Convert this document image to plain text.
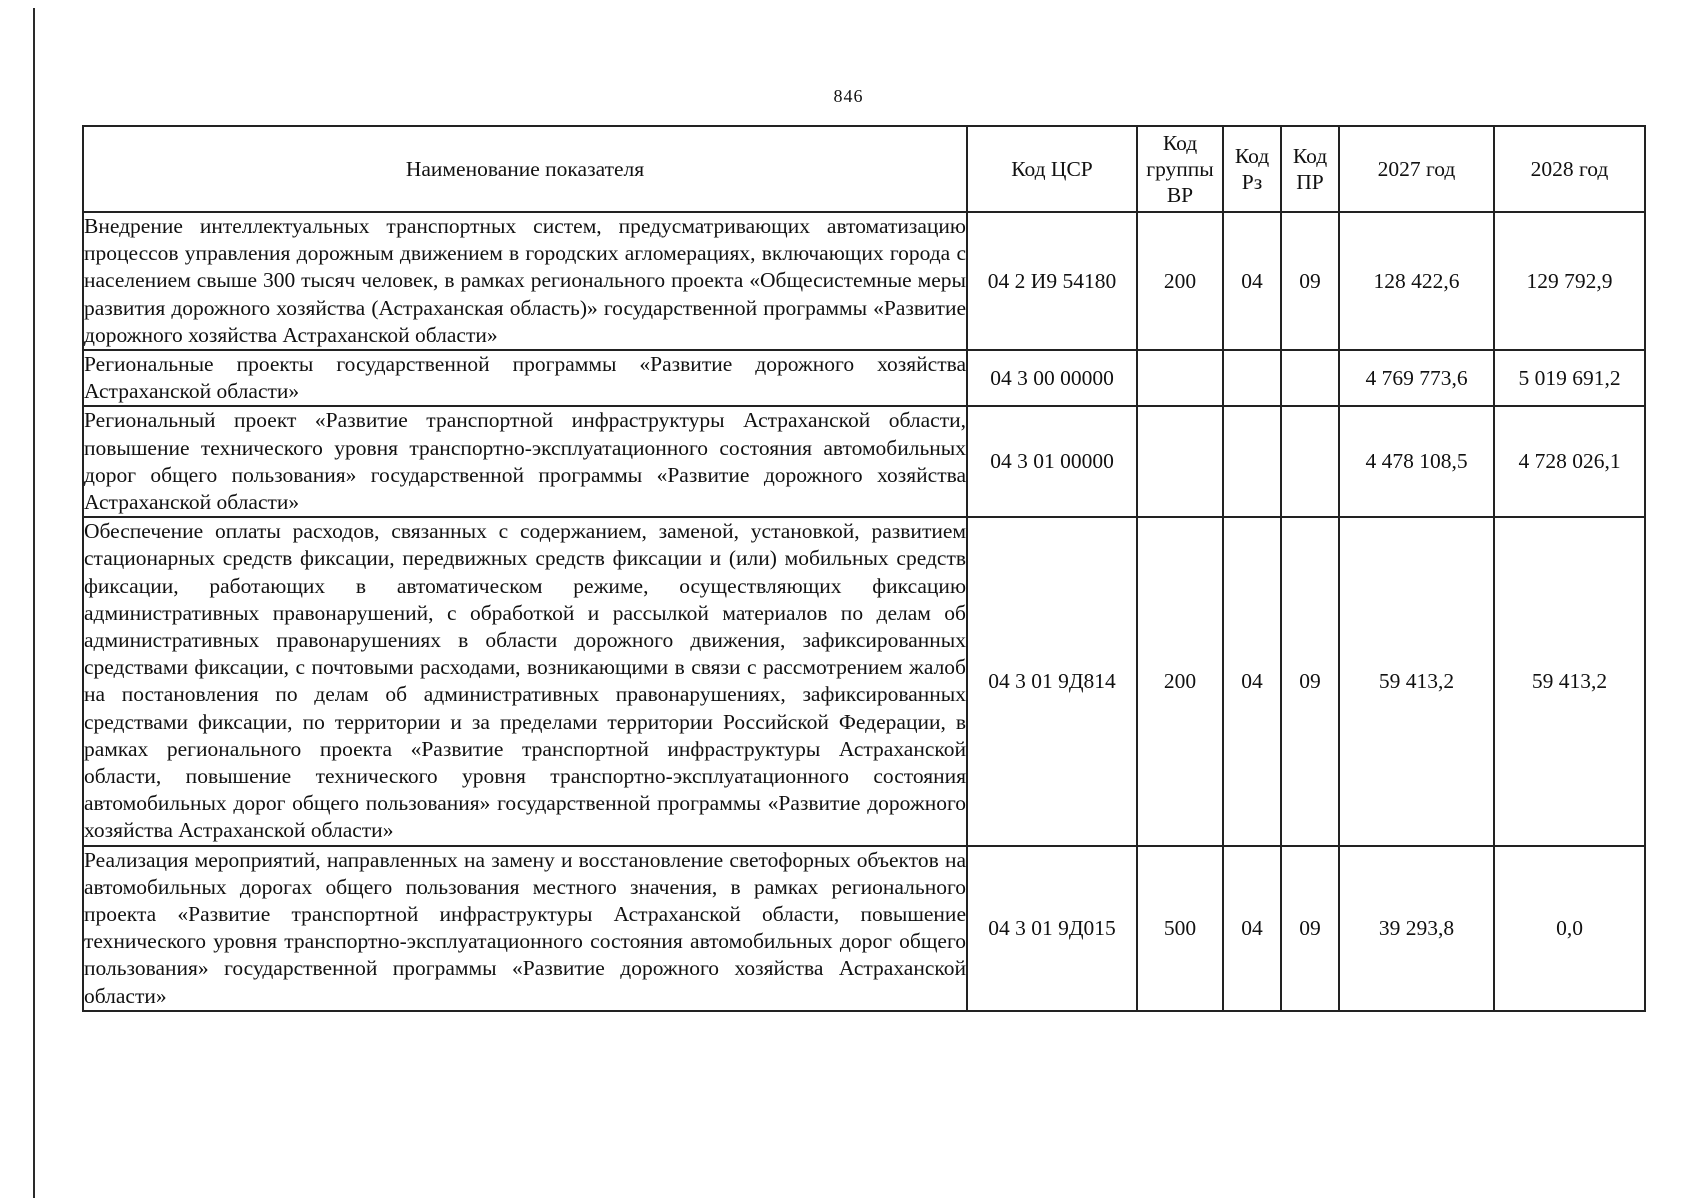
846
Наименование показателя	Код ЦСР	Код группы ВР	Код Рз	Код ПР	2027 год	2028 год
Внедрение интеллектуальных транспортных систем, предусматривающих автоматизацию процессов управления дорожным движением в городских агломерациях, включающих города с населением свыше 300 тысяч человек, в рамках регионального проекта «Общесистемные меры развития дорожного хозяйства (Астраханская область)» государственной программы «Развитие дорожного хозяйства Астраханской области»	04 2 И9 54180	200	04	09	128 422,6	129 792,9
Региональные проекты государственной программы «Развитие дорожного хозяйства Астраханской области»	04 3 00 00000				4 769 773,6	5 019 691,2
Региональный проект «Развитие транспортной инфраструктуры Астраханской области, повышение технического уровня транспортно-эксплуатационного состояния автомобильных дорог общего пользования» государственной программы «Развитие дорожного хозяйства Астраханской области»	04 3 01 00000				4 478 108,5	4 728 026,1
Обеспечение оплаты расходов, связанных с содержанием, заменой, установкой, развитием стационарных средств фиксации, передвижных средств фиксации и (или) мобильных средств фиксации, работающих в автоматическом режиме, осуществляющих фиксацию административных правонарушений, с обработкой и рассылкой материалов по делам об административных правонарушениях в области дорожного движения, зафиксированных средствами фиксации, с почтовыми расходами, возникающими в связи с рассмотрением жалоб на постановления по делам об административных правонарушениях, зафиксированных средствами фиксации, по территории и за пределами территории Российской Федерации, в рамках регионального проекта «Развитие транспортной инфраструктуры Астраханской области, повышение технического уровня транспортно-эксплуатационного состояния автомобильных дорог общего пользования» государственной программы «Развитие дорожного хозяйства Астраханской области»	04 3 01 9Д814	200	04	09	59 413,2	59 413,2
Реализация мероприятий, направленных на замену и восстановление светофорных объектов на автомобильных дорогах общего пользования местного значения, в рамках регионального проекта «Развитие транспортной инфраструктуры Астраханской области, повышение технического уровня транспортно-эксплуатационного состояния автомобильных дорог общего пользования» государственной программы «Развитие дорожного хозяйства Астраханской области»	04 3 01 9Д015	500	04	09	39 293,8	0,0
